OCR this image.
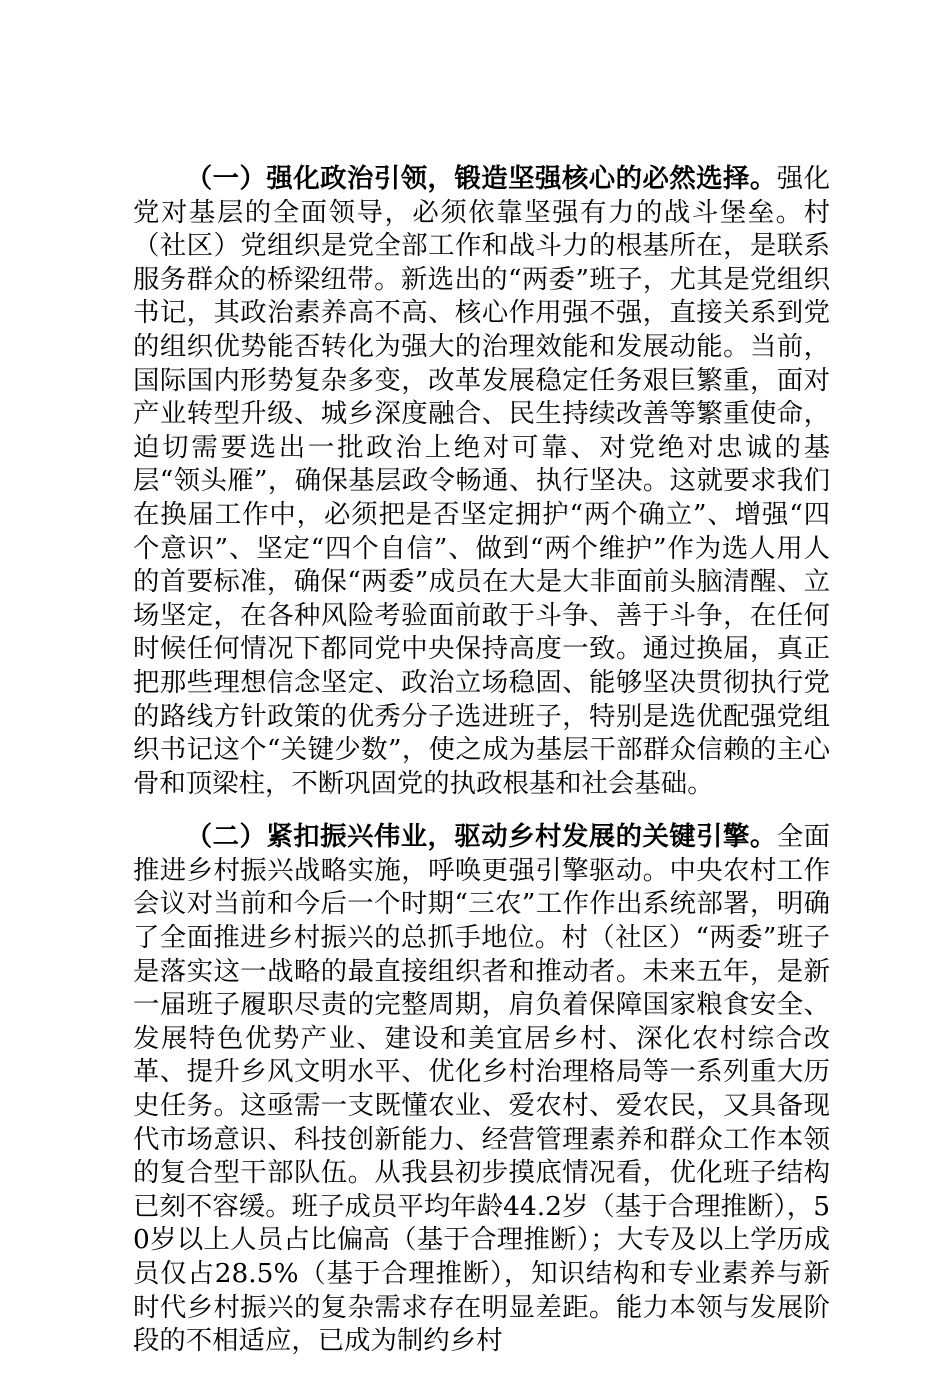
（一）强化政治引领，锻造坚强核心的必然选择。强化党对基层的全面领导，必须依靠坚强有力的战斗堡垒。村（社区）党组织是党全部工作和战斗力的根基所在，是联系服务群众的桥梁纽带。新选出的“两委”班子，尤其是党组织书记，其政治素养高不高、核心作用强不强，直接关系到党的组织优势能否转化为强大的治理效能和发展动能。当前，国际国内形势复杂多变，改革发展稳定任务艰巨繁重，面对产业转型升级、城乡深度融合、民生持续改善等繁重使命，迫切需要选出一批政治上绝对可靠、对党绝对忠诚的基层“领头雁”，确保基层政令畅通、执行坚决。这就要求我们在换届工作中，必须把是否坚定拥护“两个确立”、增强“四个意识”、坚定“四个自信”、做到“两个维护”作为选人用人的首要标准，确保“两委”成员在大是大非面前头脑清醒、立场坚定，在各种风险考验面前敢于斗争、善于斗争，在任何时候任何情况下都同党中央保持高度一致。通过换届，真正把那些理想信念坚定、政治立场稳固、能够坚决贯彻执行党的路线方针政策的优秀分子选进班子，特别是选优配强党组织书记这个“关键少数”，使之成为基层干部群众信赖的主心骨和顶梁柱，不断巩固党的执政根基和社会基础。

（二）紧扣振兴伟业，驱动乡村发展的关键引擎。全面推进乡村振兴战略实施，呼唤更强引擎驱动。中央农村工作会议对当前和今后一个时期“三农”工作作出系统部署，明确了全面推进乡村振兴的总抓手地位。村（社区）“两委”班子是落实这一战略的最直接组织者和推动者。未来五年，是新一届班子履职尽责的完整周期，肩负着保障国家粮食安全、发展特色优势产业、建设和美宜居乡村、深化农村综合改革、提升乡风文明水平、优化乡村治理格局等一系列重大历史任务。这亟需一支既懂农业、爱农村、爱农民，又具备现代市场意识、科技创新能力、经营管理素养和群众工作本领的复合型干部队伍。从我县初步摸底情况看，优化班子结构已刻不容缓。班子成员平均年龄44.2岁（基于合理推断），50岁以上人员占比偏高（基于合理推断）；大专及以上学历成员仅占28.5%（基于合理推断），知识结构和专业素养与新时代乡村振兴的复杂需求存在明显差距。能力本领与发展阶段的不相适应，已成为制约乡村
